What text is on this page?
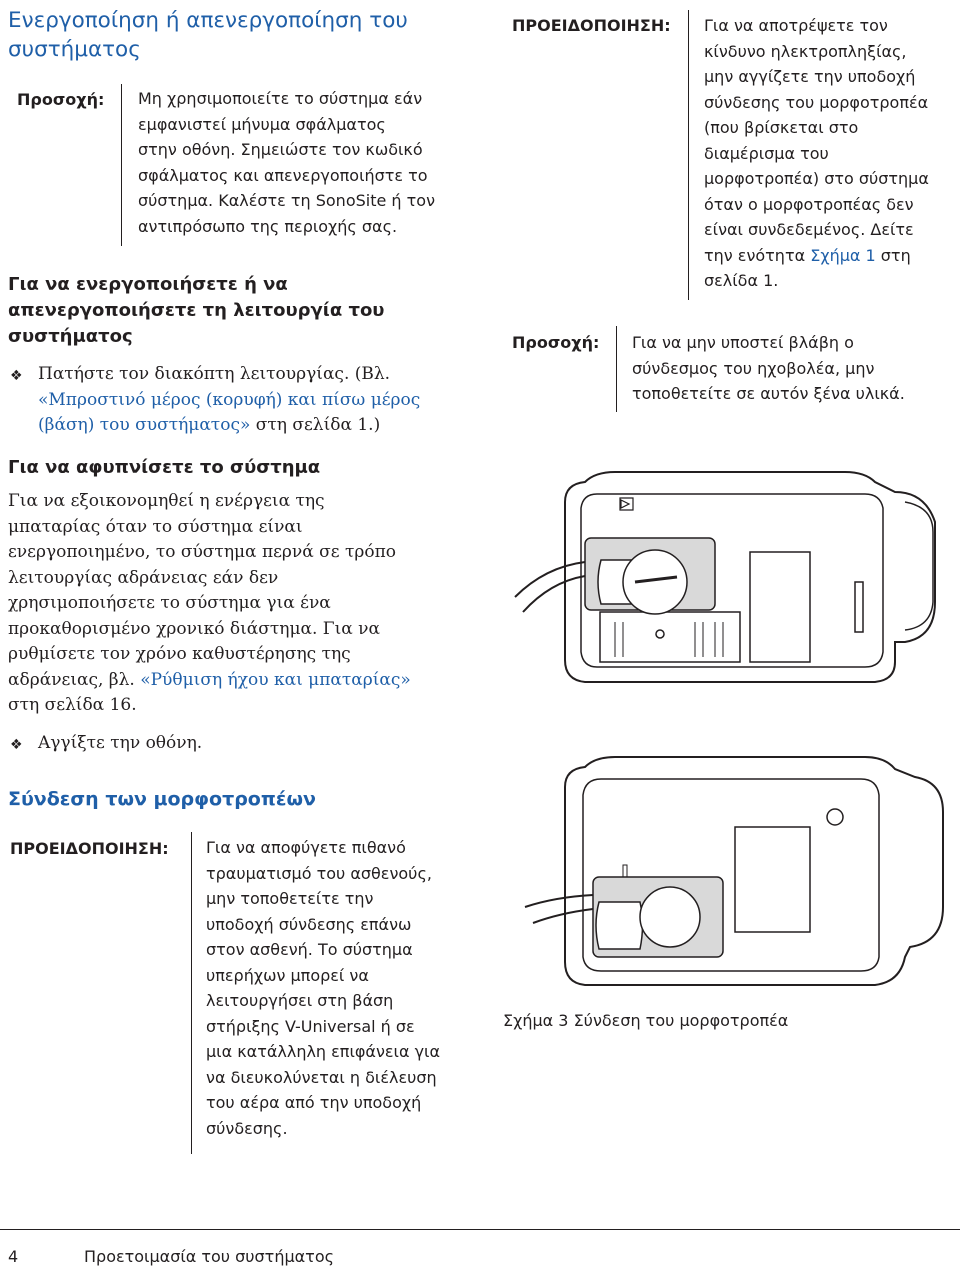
Ενεργοποίηση ή απενεργοποίηση του
συστήματος
Προσοχή: Μη χρησιμοποιείτε το σύστημα εάν

εμφανιστεί μήνυμα σφάλματος

στην οθόνη. Σημειώστε τον κωδικό

σφάλματος και απενεργοποιήστε το

σύστημα. Καλέστε τη SonoSite ή τον

αντιπρόσωπο της περιοχής σας.

Για να ενεργοποιήσετε ή να

απενεργοποιήσετε τη λειτουργία του

συστήματος

❖ Πατήστε τον διακόπτη λειτουργίας. (Βλ.

«Μπροστινό μέρος (κορυφή) και πίσω μέρος

(βάση) του συστήματος» στη σελίδα 1.)

Για να αφυπνίσετε το σύστημα

Για να εξοικονομηθεί η ενέργεια της

μπαταρίας όταν το σύστημα είναι

ενεργοποιημένο, το σύστημα περνά σε τρόπο

λειτουργίας αδράνειας εάν δεν

χρησιμοποιήσετε το σύστημα για ένα

προκαθορισμένο χρονικό διάστημα. Για να

ρυθμίσετε τον χρόνο καθυστέρησης της

αδράνειας, βλ. «Ρύθμιση ήχου και μπαταρίας»

στη σελίδα 16.

❖ Αγγίξτε την οθόνη.

Σύνδεση των μορφοτροπέων

ΠΡΟΕΙΔΟΠΟΙΗΣΗ: Για να αποφύγετε πιθανό

τραυματισμό του ασθενούς,

μην τοποθετείτε την

υποδοχή σύνδεσης επάνω

στον ασθενή. Το σύστημα

υπερήχων μπορεί να

λειτουργήσει στη βάση

στήριξης V-Universal ή σε

μια κατάλληλη επιφάνεια για

να διευκολύνεται η διέλευση

του αέρα από την υποδοχή

σύνδεσης.

ΠΡΟΕΙΔΟΠΟΙΗΣΗ: Για να αποτρέψετε τον

κίνδυνο ηλεκτροπληξίας,

μην αγγίζετε την υποδοχή

σύνδεσης του μορφοτροπέα

(που βρίσκεται στο

διαμέρισμα του

μορφοτροπέα) στο σύστημα

όταν ο μορφοτροπέας δεν

είναι συνδεδεμένος. Δείτε

την ενότητα Σχήμα 1 στη

σελίδα 1.

Προσοχή: Για να μην υποστεί βλάβη ο

σύνδεσμος του ηχοβολέα, μην

τοποθετείτε σε αυτόν ξένα υλικά.

Σχήμα 3 Σύνδεση του μορφοτροπέα

4	Προετοιμασία του συστήματος
